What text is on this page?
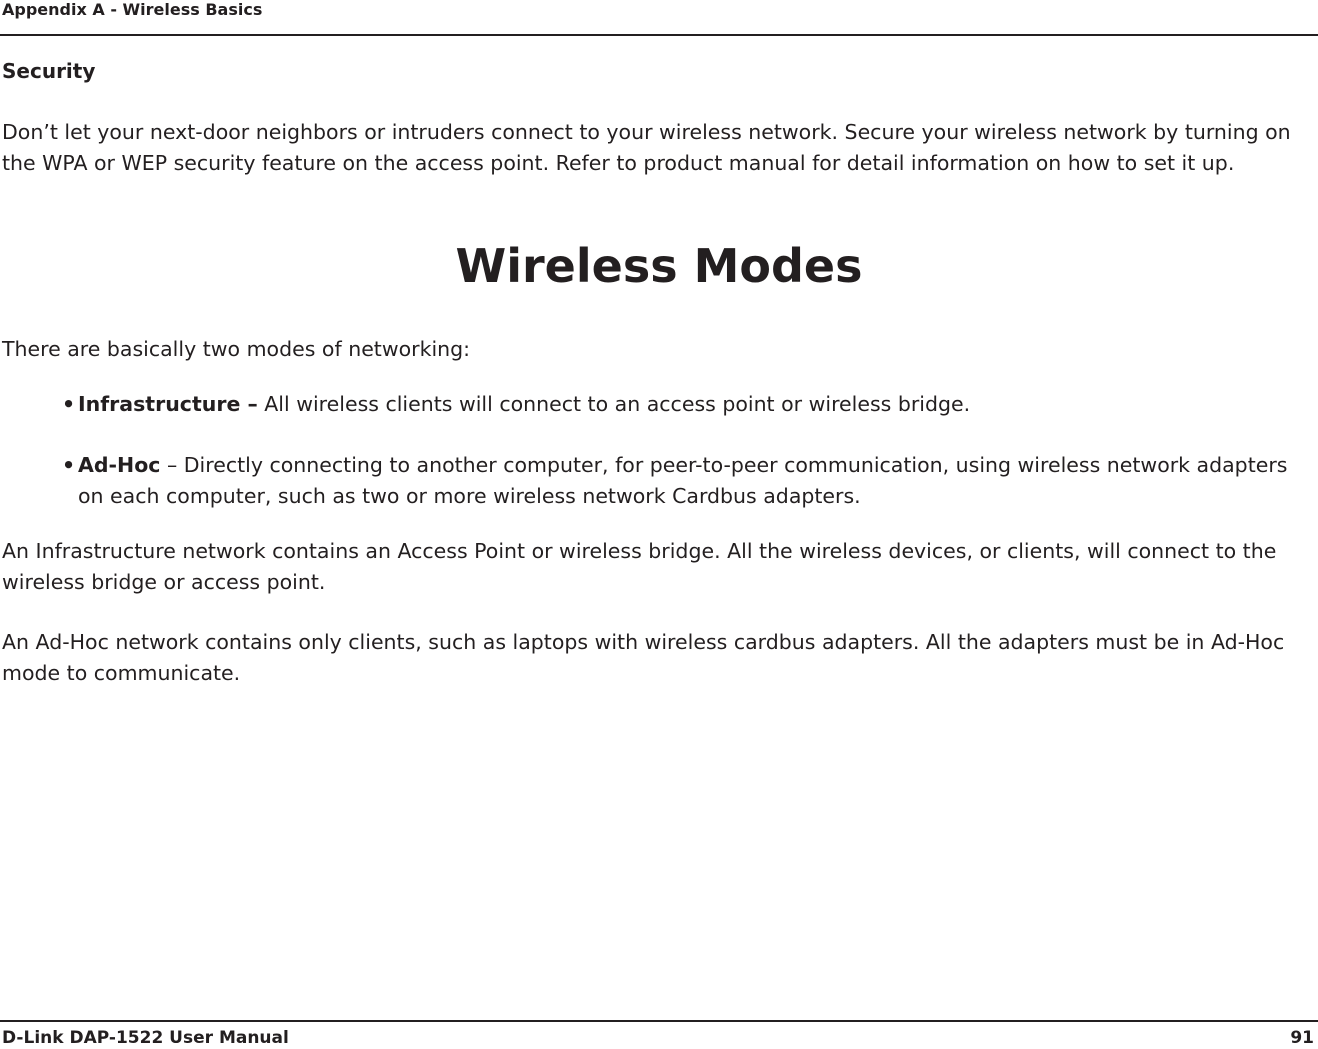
Appendix A - Wireless Basics
Security

Don’t let your next-door neighbors or intruders connect to your wireless network. Secure your wireless network by turning on the WPA or WEP security feature on the access point. Refer to product manual for detail information on how to set it up.

Wireless Modes

There are basically two modes of networking:

• Infrastructure – All wireless clients will connect to an access point or wireless bridge.
• Ad-Hoc – Directly connecting to another computer, for peer-to-peer communication, using wireless network adapters on each computer, such as two or more wireless network Cardbus adapters.

An Infrastructure network contains an Access Point or wireless bridge. All the wireless devices, or clients, will connect to the wireless bridge or access point.

An Ad-Hoc network contains only clients, such as laptops with wireless cardbus adapters. All the adapters must be in Ad-Hoc mode to communicate.

D-Link DAP-1522 User Manual	91
